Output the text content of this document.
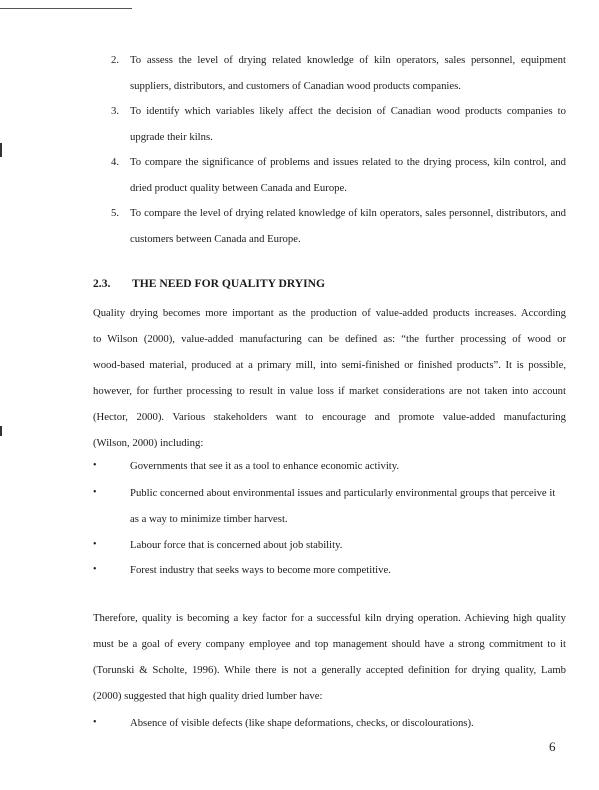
2. To assess the level of drying related knowledge of kiln operators, sales personnel, equipment suppliers, distributors, and customers of Canadian wood products companies.
3. To identify which variables likely affect the decision of Canadian wood products companies to upgrade their kilns.
4. To compare the significance of problems and issues related to the drying process, kiln control, and dried product quality between Canada and Europe.
5. To compare the level of drying related knowledge of kiln operators, sales personnel, distributors, and customers between Canada and Europe.
2.3. THE NEED FOR QUALITY DRYING
Quality drying becomes more important as the production of value-added products increases. According
to Wilson (2000), value-added manufacturing can be defined as: “the further processing of wood or
wood-based material, produced at a primary mill, into semi-finished or finished products”. It is possible,
however, for further processing to result in value loss if market considerations are not taken into account
(Hector, 2000). Various stakeholders want to encourage and promote value-added manufacturing
(Wilson, 2000) including:
•	Governments that see it as a tool to enhance economic activity.
•	Public concerned about environmental issues and particularly environmental groups that perceive it as a way to minimize timber harvest.
•	Labour force that is concerned about job stability.
•	Forest industry that seeks ways to become more competitive.
Therefore, quality is becoming a key factor for a successful kiln drying operation. Achieving high quality
must be a goal of every company employee and top management should have a strong commitment to it
(Torunski & Scholte, 1996). While there is not a generally accepted definition for drying quality, Lamb
(2000) suggested that high quality dried lumber have:
•	Absence of visible defects (like shape deformations, checks, or discolourations).
6
